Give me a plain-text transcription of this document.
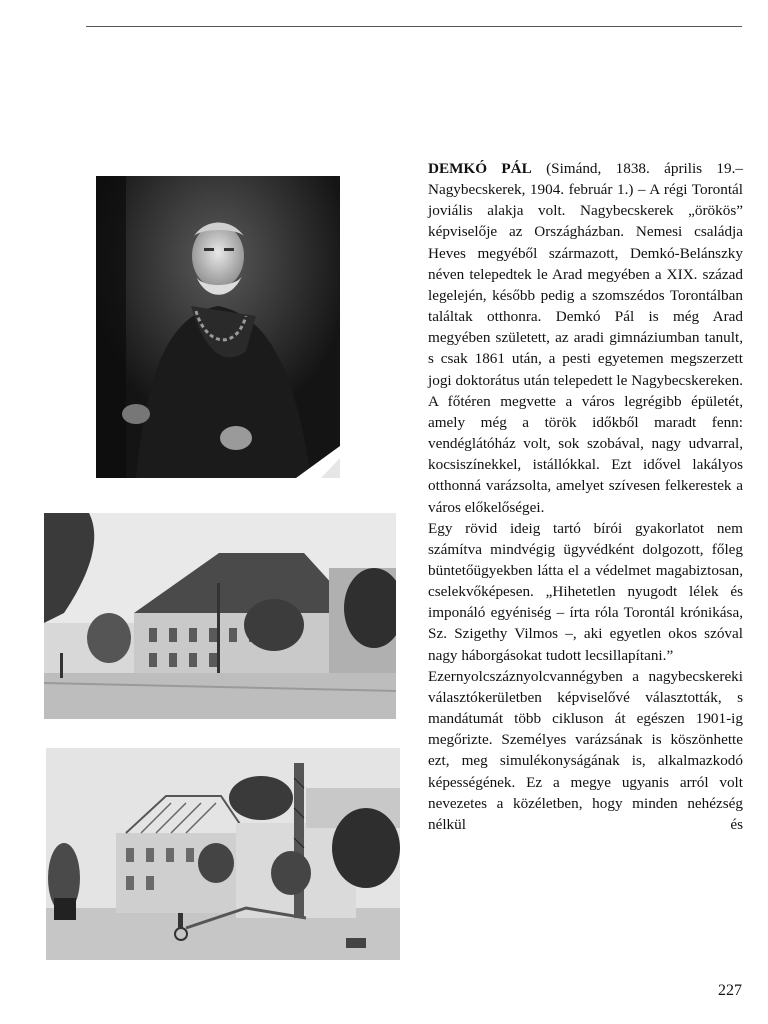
DEMKÓ PÁL (Simánd, 1838. április 19.–Nagybecskerek, 1904. február 1.) – A régi Torontál joviális alakja volt. Nagybecskerek „örökös” képviselője az Országházban. Nemesi családja Heves megyéből származott, Demkó-Belánszky néven telepedtek le Arad megyében a XIX. század legelején, később pedig a szomszédos Torontálban találtak otthonra. Demkó Pál is még Arad megyében született, az aradi gimnáziumban tanult, s csak 1861 után, a pesti egyetemen megszerzett jogi doktorátus után telepedett le Nagybecskereken. A főtéren megvette a város legrégibb épületét, amely még a török időkből maradt fenn: vendéglátóház volt, sok szobával, nagy udvarral, kocsiszínekkel, istállókkal. Ezt idővel lakályos otthonná varázsolta, amelyet szívesen felkerestek a város előkelőségei.

Egy rövid ideig tartó bírói gyakorlatot nem számítva mindvégig ügyvédként dolgozott, főleg büntetőügyekben látta el a védelmet magabiztosan, cselekvőképesen. „Hihetetlen nyugodt lélek és imponáló egyéniség – írta róla Torontál krónikása, Sz. Szigethy Vilmos –, aki egyetlen okos szóval nagy háborgásokat tudott lecsillapítani.”

Ezernyolcszáznyolcvannégyben a nagybecskereki választókerületben képviselővé választották, s mandátumát több cikluson át egészen 1901-ig megőrizte. Személyes varázsának is köszönhette ezt, meg simulékonyságának is, alkalmazkodó képességének. Ez a megye ugyanis arról volt nevezetes a közéletben, hogy minden nehézség nélkül és

227
